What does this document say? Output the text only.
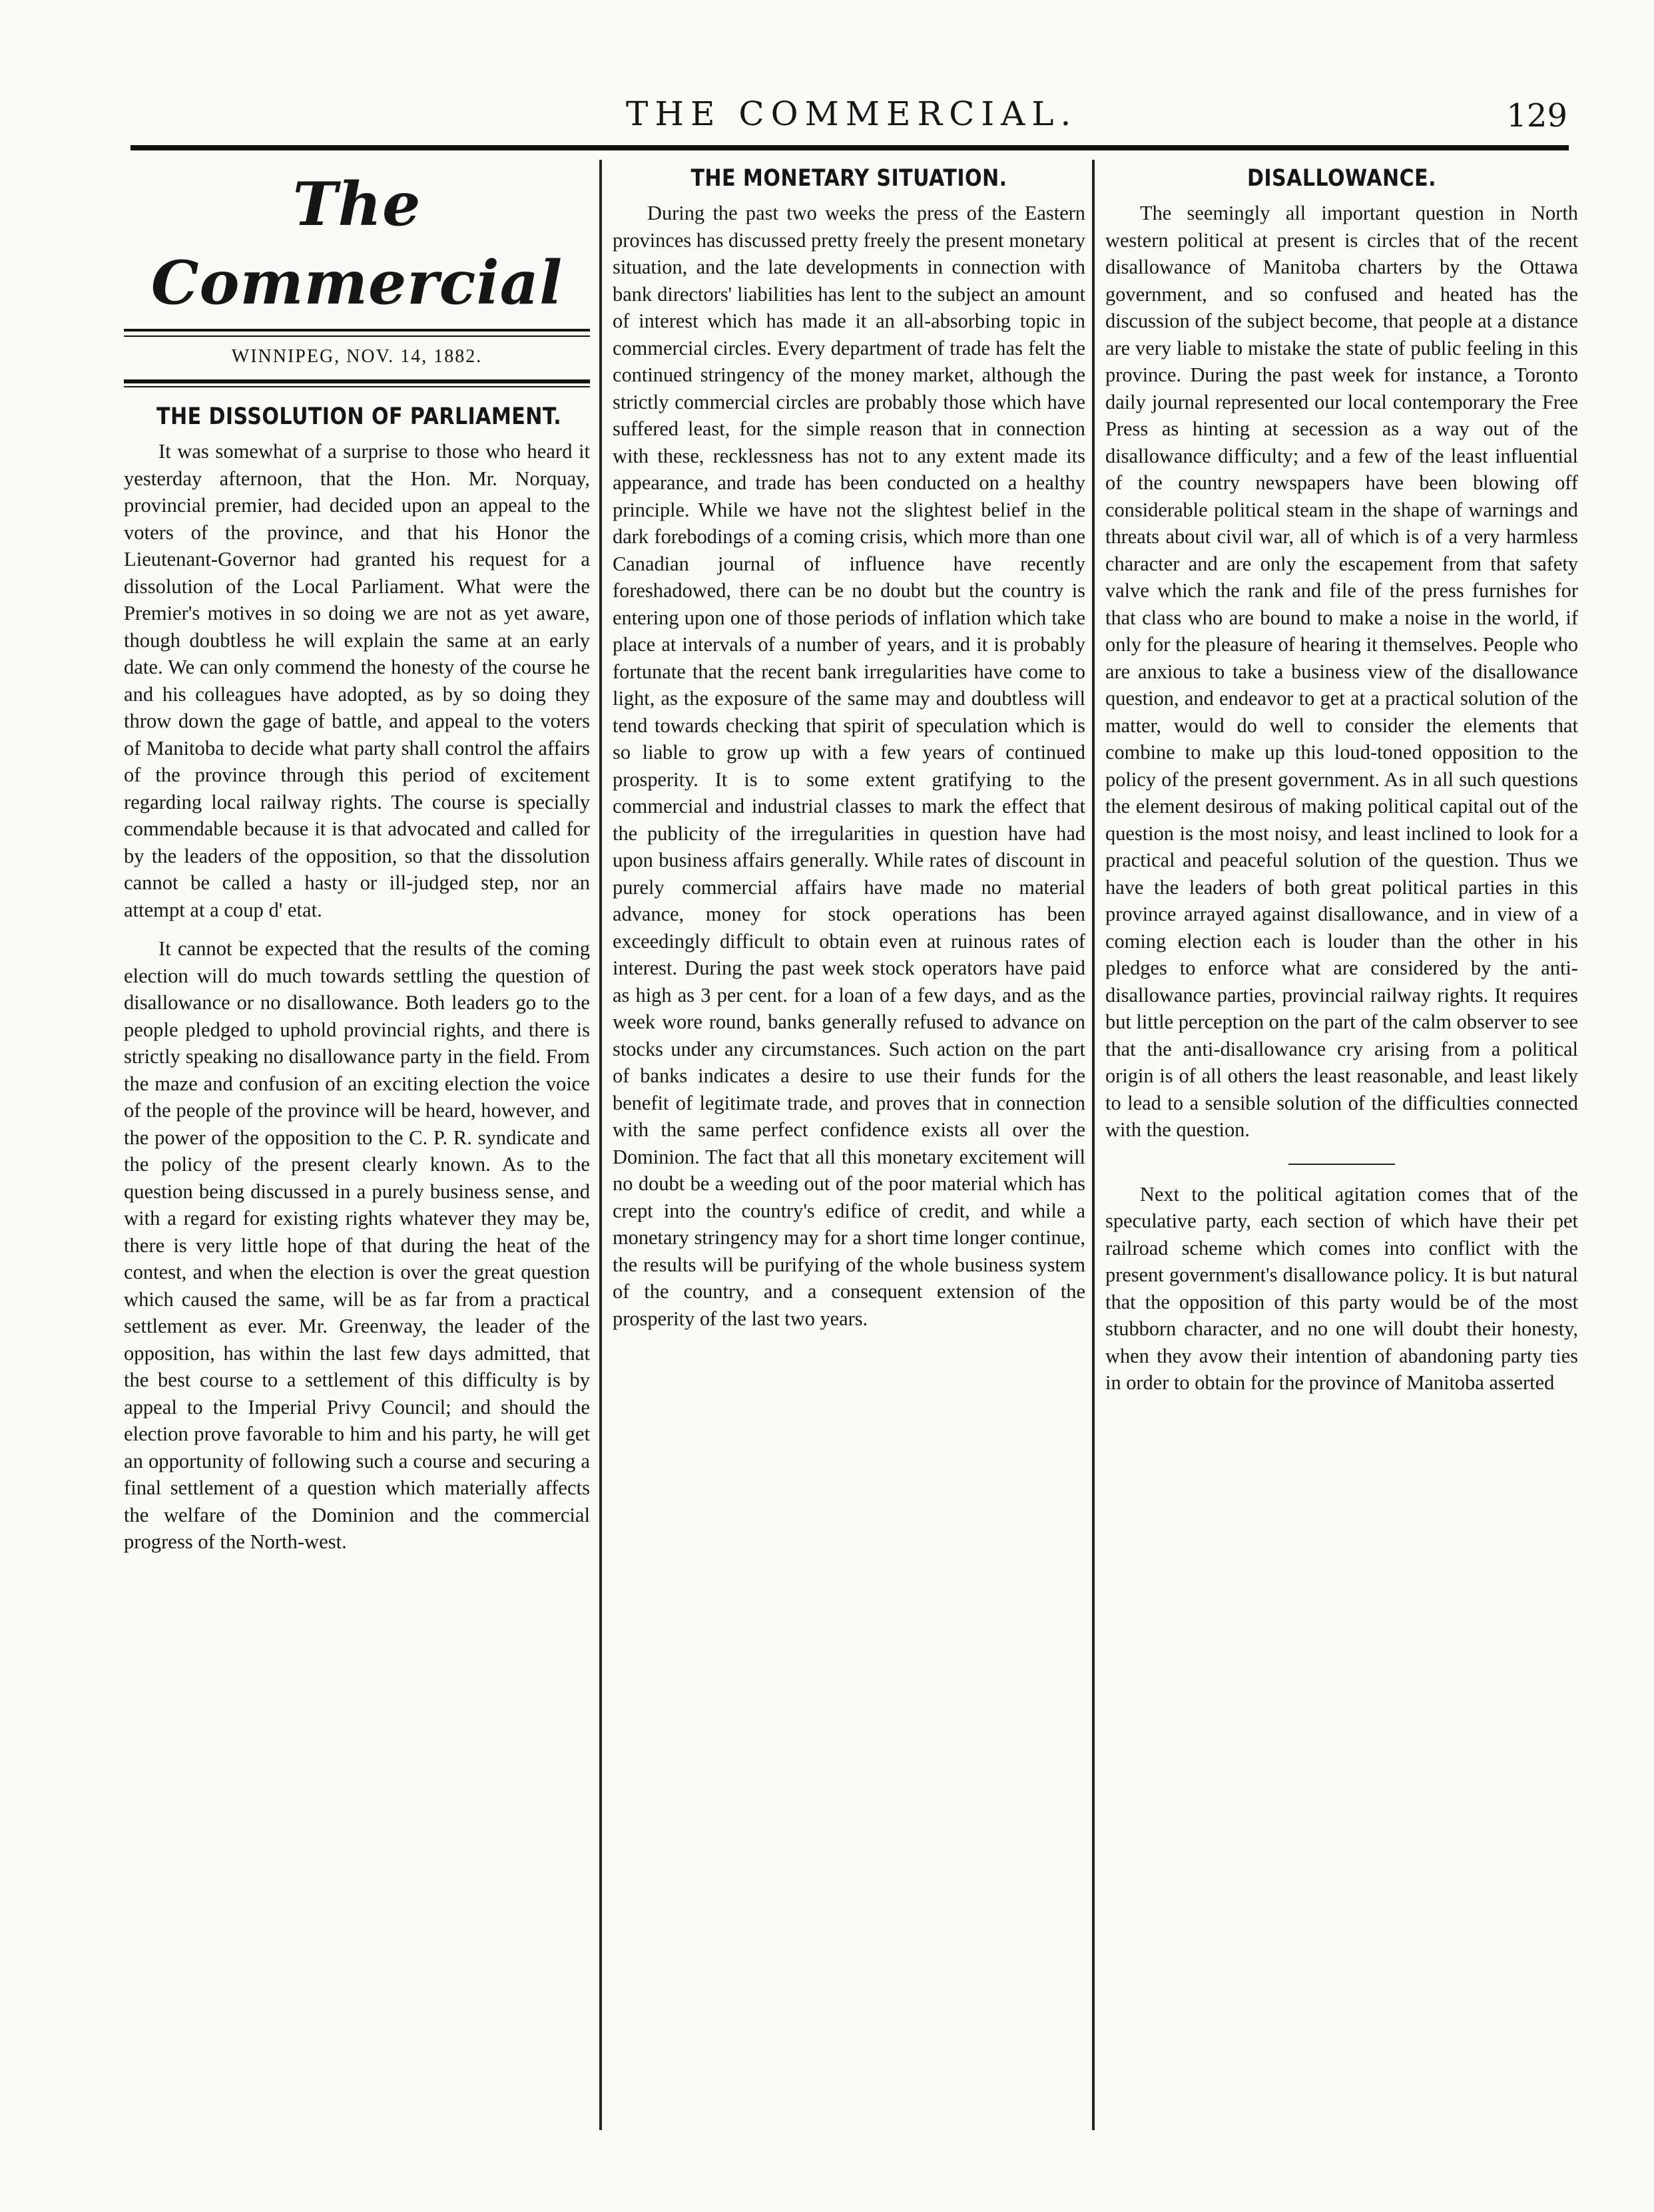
THE COMMERCIAL.	129
The Commercial
WINNIPEG, NOV. 14, 1882.
THE DISSOLUTION OF PARLIAMENT.

It was somewhat of a surprise to those who heard it yesterday afternoon, that the Hon. Mr. Norquay, provincial premier, had decided upon an appeal to the voters of the province, and that his Honor the Lieutenant-Governor had granted his request for a dissolution of the Local Parliament. What were the Premier's motives in so doing we are not as yet aware, though doubtless he will explain the same at an early date. We can only commend the honesty of the course he and his colleagues have adopted, as by so doing they throw down the gage of battle, and appeal to the voters of Manitoba to decide what party shall control the affairs of the province through this period of excitement regarding local railway rights. The course is specially commendable because it is that advocated and called for by the leaders of the opposition, so that the dissolution cannot be called a hasty or ill-judged step, nor an attempt at a coup d' etat.

It cannot be expected that the results of the coming election will do much towards settling the question of disallowance or no disallowance. Both leaders go to the people pledged to uphold provincial rights, and there is strictly speaking no disallowance party in the field. From the maze and confusion of an exciting election the voice of the people of the province will be heard, however, and the power of the opposition to the C. P. R. syndicate and the policy of the present clearly known. As to the question being discussed in a purely business sense, and with a regard for existing rights whatever they may be, there is very little hope of that during the heat of the contest, and when the election is over the great question which caused the same, will be as far from a practical settlement as ever. Mr. Greenway, the leader of the opposition, has within the last few days admitted, that the best course to a settlement of this difficulty is by appeal to the Imperial Privy Council; and should the election prove favorable to him and his party, he will get an opportunity of following such a course and securing a final settlement of a question which materially affects the welfare of the Dominion and the commercial progress of the North-west.

THE MONETARY SITUATION.

During the past two weeks the press of the Eastern provinces has discussed pretty freely the present monetary situation, and the late developments in connection with bank directors' liabilities has lent to the subject an amount of interest which has made it an all-absorbing topic in commercial circles. Every department of trade has felt the continued stringency of the money market, although the strictly commercial circles are probably those which have suffered least, for the simple reason that in connection with these, recklessness has not to any extent made its appearance, and trade has been conducted on a healthy principle. While we have not the slightest belief in the dark forebodings of a coming crisis, which more than one Canadian journal of influence have recently foreshadowed, there can be no doubt but the country is entering upon one of those periods of inflation which take place at intervals of a number of years, and it is probably fortunate that the recent bank irregularities have come to light, as the exposure of the same may and doubtless will tend towards checking that spirit of speculation which is so liable to grow up with a few years of continued prosperity. It is to some extent gratifying to the commercial and industrial classes to mark the effect that the publicity of the irregularities in question have had upon business affairs generally. While rates of discount in purely commercial affairs have made no material advance, money for stock operations has been exceedingly difficult to obtain even at ruinous rates of interest. During the past week stock operators have paid as high as 3 per cent. for a loan of a few days, and as the week wore round, banks generally refused to advance on stocks under any circumstances. Such action on the part of banks indicates a desire to use their funds for the benefit of legitimate trade, and proves that in connection with the same perfect confidence exists all over the Dominion. The fact that all this monetary excitement will no doubt be a weeding out of the poor material which has crept into the country's edifice of credit, and while a monetary stringency may for a short time longer continue, the results will be purifying of the whole business system of the country, and a consequent extension of the prosperity of the last two years.

DISALLOWANCE.

The seemingly all important question in North western political at present is circles that of the recent disallowance of Manitoba charters by the Ottawa government, and so confused and heated has the discussion of the subject become, that people at a distance are very liable to mistake the state of public feeling in this province. During the past week for instance, a Toronto daily journal represented our local contemporary the Free Press as hinting at secession as a way out of the disallowance difficulty; and a few of the least influential of the country newspapers have been blowing off considerable political steam in the shape of warnings and threats about civil war, all of which is of a very harmless character and are only the escapement from that safety valve which the rank and file of the press furnishes for that class who are bound to make a noise in the world, if only for the pleasure of hearing it themselves. People who are anxious to take a business view of the disallowance question, and endeavor to get at a practical solution of the matter, would do well to consider the elements that combine to make up this loud-toned opposition to the policy of the present government. As in all such questions the element desirous of making political capital out of the question is the most noisy, and least inclined to look for a practical and peaceful solution of the question. Thus we have the leaders of both great political parties in this province arrayed against disallowance, and in view of a coming election each is louder than the other in his pledges to enforce what are considered by the anti-disallowance parties, provincial railway rights. It requires but little perception on the part of the calm observer to see that the anti-disallowance cry arising from a political origin is of all others the least reasonable, and least likely to lead to a sensible solution of the difficulties connected with the question.

Next to the political agitation comes that of the speculative party, each section of which have their pet railroad scheme which comes into conflict with the present government's disallowance policy. It is but natural that the opposition of this party would be of the most stubborn character, and no one will doubt their honesty, when they avow their intention of abandoning party ties in order to obtain for the province of Manitoba asserted
